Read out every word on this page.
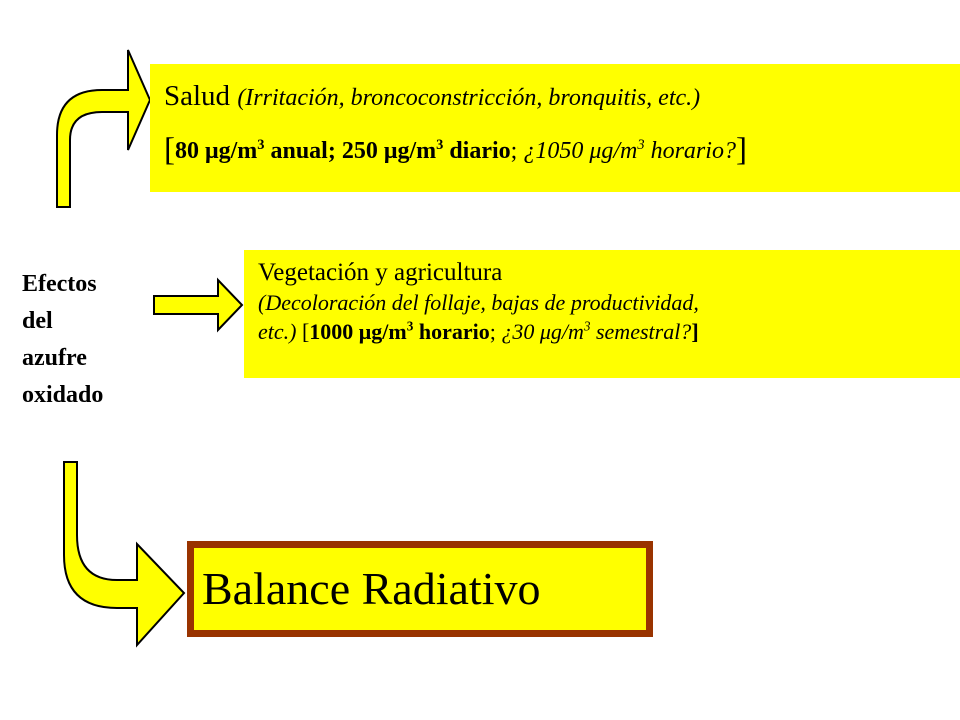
Salud (Irritación, broncoconstricción, bronquitis, etc.)
[80 $\mu g/m^3$ anual; 250 $\mu g/m^3$ diario; ¿1050 $\mu g/m^3$ horario?]
Vegetación y agricultura
(Decoloración del follaje, bajas de productividad,
etc.) [1000 $\mu g/m^3$ horario; ¿30 $\mu g/m^3$ semestral?]
Efectos
del
azufre
oxidado
Balance Radiativo
